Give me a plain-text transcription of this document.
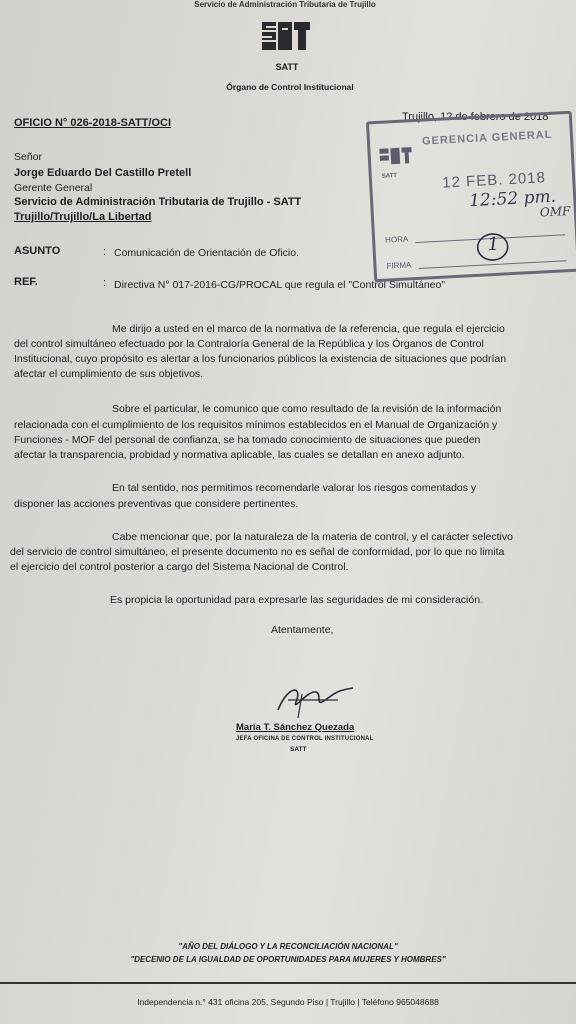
Servicio de Administración Tributaria de Trujillo
SATT
Órgano de Control Institucional
OFICIO N° 026-2018-SATT/OCI	Trujillo, 12 de febrero de 2018
Señor
Jorge Eduardo Del Castillo Pretell
Gerente General
Servicio de Administración Tributaria de Trujillo - SATT
Trujillo/Trujillo/La Libertad
ASUNTO	: Comunicación de Orientación de Oficio.
REF.	: Directiva N° 017-2016-CG/PROCAL que regula el "Control Simultáneo"
Me dirijo a usted en el marco de la normativa de la referencia, que regula el ejercicio
del control simultáneo efectuado por la Contraloría General de la República y los Órganos de Control
Institucional, cuyo propósito es alertar a los funcionarios públicos la existencia de situaciones que podrían
afectar el cumplimiento de sus objetivos.
Sobre el particular, le comunico que como resultado de la revisión de la información
relacionada con el cumplimiento de los requisitos mínimos establecidos en el Manual de Organización y
Funciones - MOF del personal de confianza, se ha tomado conocimiento de situaciones que pueden
afectar la transparencia, probidad y normativa aplicable, las cuales se detallan en anexo adjunto.
En tal sentido, nos permitimos recomendarle valorar los riesgos comentados y
disponer las acciones preventivas que considere pertinentes.
Cabe mencionar que, por la naturaleza de la materia de control, y el carácter selectivo
del servicio de control simultáneo, el presente documento no es señal de conformidad, por lo que no limita
el ejercicio del control posterior a cargo del Sistema Nacional de Control.
Es propicia la oportunidad para expresarle las seguridades de mi consideración.
Atentamente,
María T. Sánchez Quezada
JEFA OFICINA DE CONTROL INSTITUCIONAL
SATT
SATT
GERENCIA GENERAL
12 FEB. 2018
12:52 pm.
OMF
HORA
FIRMA
1
"AÑO DEL DIÁLOGO Y LA RECONCILIACIÓN NACIONAL"
"DECENIO DE LA IGUALDAD DE OPORTUNIDADES PARA MUJERES Y HOMBRES"
Independencia n.° 431 oficina 205, Segundo Piso | Trujillo | Teléfono 965048688
